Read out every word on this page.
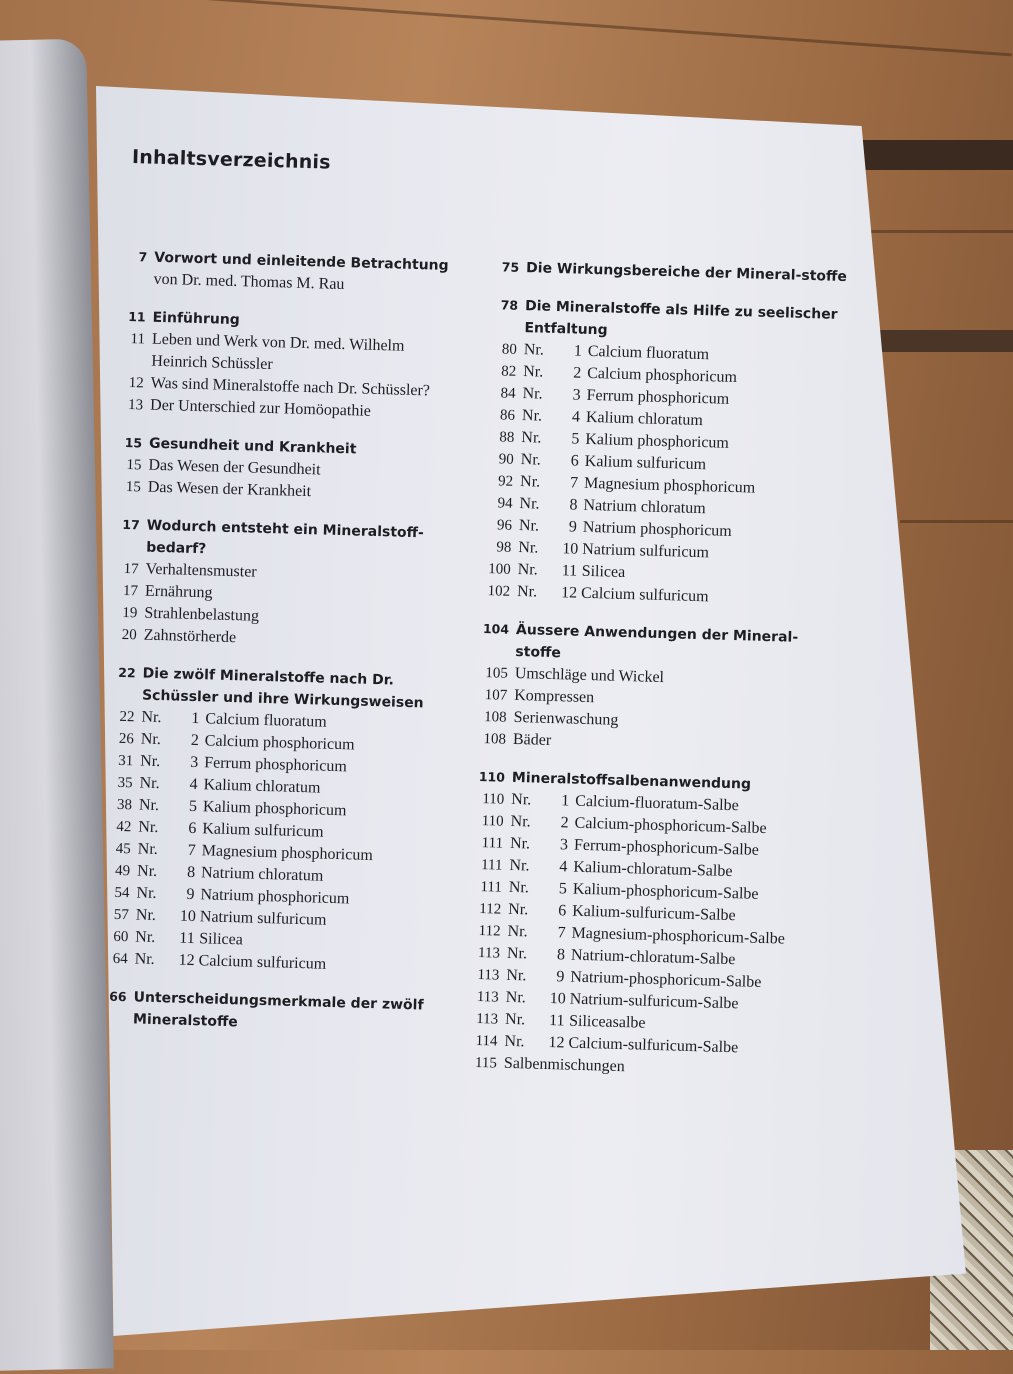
Inhaltsverzeichnis
7 Vorwort und einleitende Betrachtung
von Dr. med. Thomas M. Rau
11 Einführung
11 Leben und Werk von Dr. med. Wilhelm Heinrich Schüssler
12 Was sind Mineralstoffe nach Dr. Schüssler?
13 Der Unterschied zur Homöopathie
15 Gesundheit und Krankheit
15 Das Wesen der Gesundheit
15 Das Wesen der Krankheit
17 Wodurch entsteht ein Mineralstoff-bedarf?
17 Verhaltensmuster
17 Ernährung
19 Strahlenbelastung
20 Zahnstörherde
22 Die zwölf Mineralstoffe nach Dr. Schüssler und ihre Wirkungsweisen
22 Nr. 1 Calcium fluoratum
26 Nr. 2 Calcium phosphoricum
31 Nr. 3 Ferrum phosphoricum
35 Nr. 4 Kalium chloratum
38 Nr. 5 Kalium phosphoricum
42 Nr. 6 Kalium sulfuricum
45 Nr. 7 Magnesium phosphoricum
49 Nr. 8 Natrium chloratum
54 Nr. 9 Natrium phosphoricum
57 Nr. 10 Natrium sulfuricum
60 Nr. 11 Silicea
64 Nr. 12 Calcium sulfuricum
66 Unterscheidungsmerkmale der zwölf Mineralstoffe
75 Die Wirkungsbereiche der Mineral-stoffe
78 Die Mineralstoffe als Hilfe zu seelischer Entfaltung
80 Nr. 1 Calcium fluoratum
82 Nr. 2 Calcium phosphoricum
84 Nr. 3 Ferrum phosphoricum
86 Nr. 4 Kalium chloratum
88 Nr. 5 Kalium phosphoricum
90 Nr. 6 Kalium sulfuricum
92 Nr. 7 Magnesium phosphoricum
94 Nr. 8 Natrium chloratum
96 Nr. 9 Natrium phosphoricum
98 Nr. 10 Natrium sulfuricum
100 Nr. 11 Silicea
102 Nr. 12 Calcium sulfuricum
104 Äussere Anwendungen der Mineral-stoffe
105 Umschläge und Wickel
107 Kompressen
108 Serienwaschung
108 Bäder
110 Mineralstoffsalbenanwendung
110 Nr. 1 Calcium-fluoratum-Salbe
110 Nr. 2 Calcium-phosphoricum-Salbe
111 Nr. 3 Ferrum-phosphoricum-Salbe
111 Nr. 4 Kalium-chloratum-Salbe
111 Nr. 5 Kalium-phosphoricum-Salbe
112 Nr. 6 Kalium-sulfuricum-Salbe
112 Nr. 7 Magnesium-phosphoricum-Salbe
113 Nr. 8 Natrium-chloratum-Salbe
113 Nr. 9 Natrium-phosphoricum-Salbe
113 Nr. 10 Natrium-sulfuricum-Salbe
113 Nr. 11 Siliceasalbe
114 Nr. 12 Calcium-sulfuricum-Salbe
115 Salbenmischungen
